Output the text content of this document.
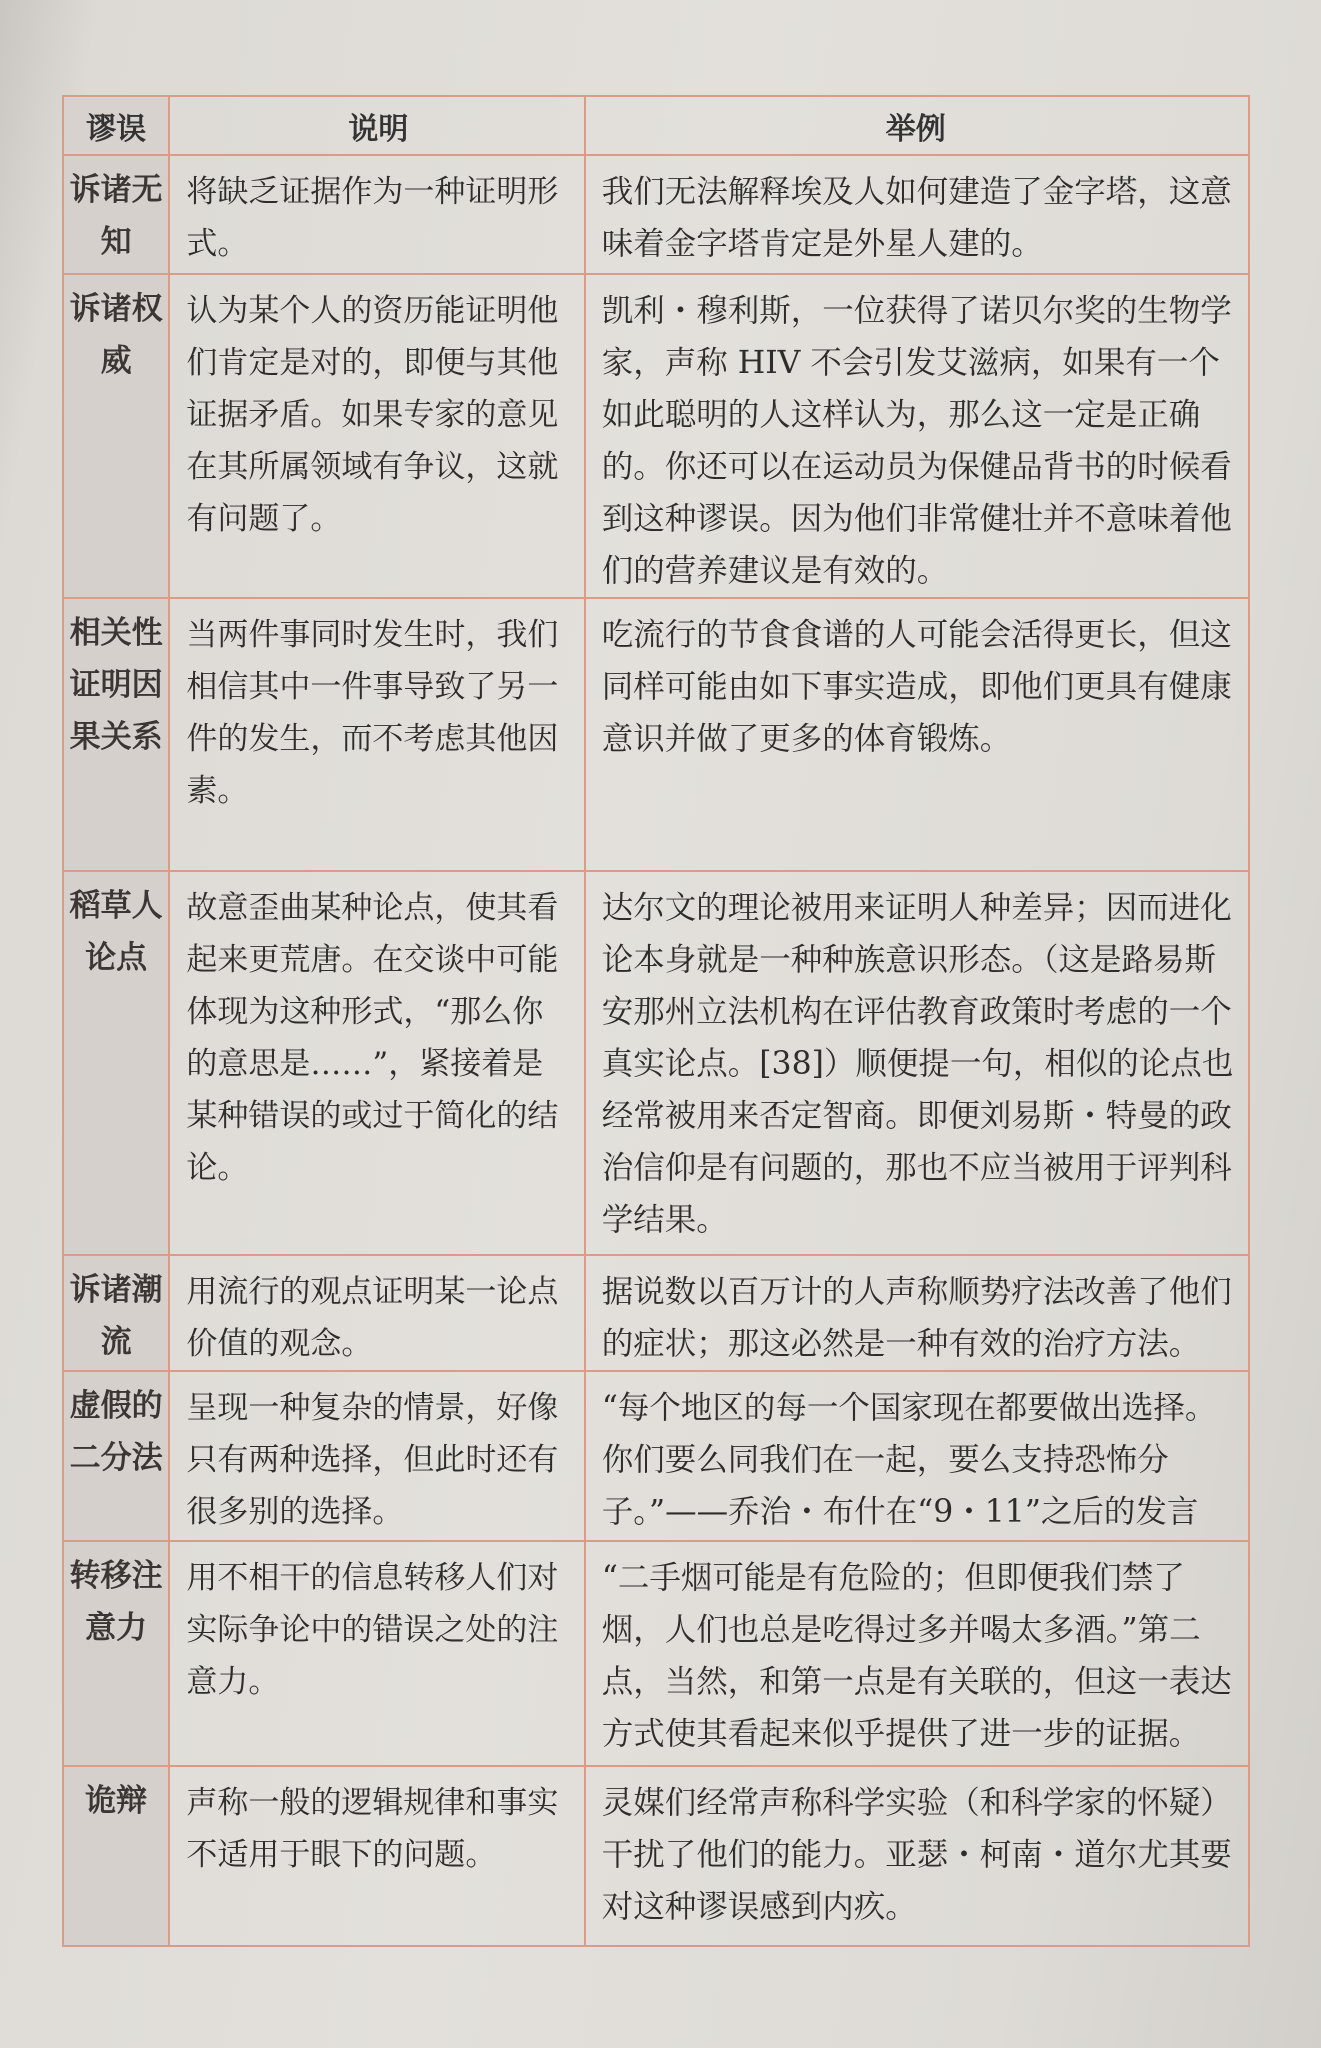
谬误	说明	举例
诉诸无知	将缺乏证据作为一种证明形式。	我们无法解释埃及人如何建造了金字塔，这意味着金字塔肯定是外星人建的。
诉诸权威	认为某个人的资历能证明他们肯定是对的，即便与其他证据矛盾。如果专家的意见在其所属领域有争议，这就有问题了。	凯利・穆利斯，一位获得了诺贝尔奖的生物学家，声称 HIV 不会引发艾滋病，如果有一个如此聪明的人这样认为，那么这一定是正确的。你还可以在运动员为保健品背书的时候看到这种谬误。因为他们非常健壮并不意味着他们的营养建议是有效的。
相关性证明因果关系	当两件事同时发生时，我们相信其中一件事导致了另一件的发生，而不考虑其他因素。	吃流行的节食食谱的人可能会活得更长，但这同样可能由如下事实造成，即他们更具有健康意识并做了更多的体育锻炼。
稻草人论点	故意歪曲某种论点，使其看起来更荒唐。在交谈中可能体现为这种形式，“那么你的意思是……”，紧接着是某种错误的或过于简化的结论。	达尔文的理论被用来证明人种差异；因而进化论本身就是一种种族意识形态。（这是路易斯安那州立法机构在评估教育政策时考虑的一个真实论点。[38]）顺便提一句，相似的论点也经常被用来否定智商。即便刘易斯・特曼的政治信仰是有问题的，那也不应当被用于评判科学结果。
诉诸潮流	用流行的观点证明某一论点价值的观念。	据说数以百万计的人声称顺势疗法改善了他们的症状；那这必然是一种有效的治疗方法。
虚假的二分法	呈现一种复杂的情景，好像只有两种选择，但此时还有很多别的选择。	“每个地区的每一个国家现在都要做出选择。你们要么同我们在一起，要么支持恐怖分子。”——乔治・布什在“9・11”之后的发言
转移注意力	用不相干的信息转移人们对实际争论中的错误之处的注意力。	“二手烟可能是有危险的；但即便我们禁了烟，人们也总是吃得过多并喝太多酒。”第二点，当然，和第一点是有关联的，但这一表达方式使其看起来似乎提供了进一步的证据。
诡辩	声称一般的逻辑规律和事实不适用于眼下的问题。	灵媒们经常声称科学实验（和科学家的怀疑）干扰了他们的能力。亚瑟・柯南・道尔尤其要对这种谬误感到内疚。
